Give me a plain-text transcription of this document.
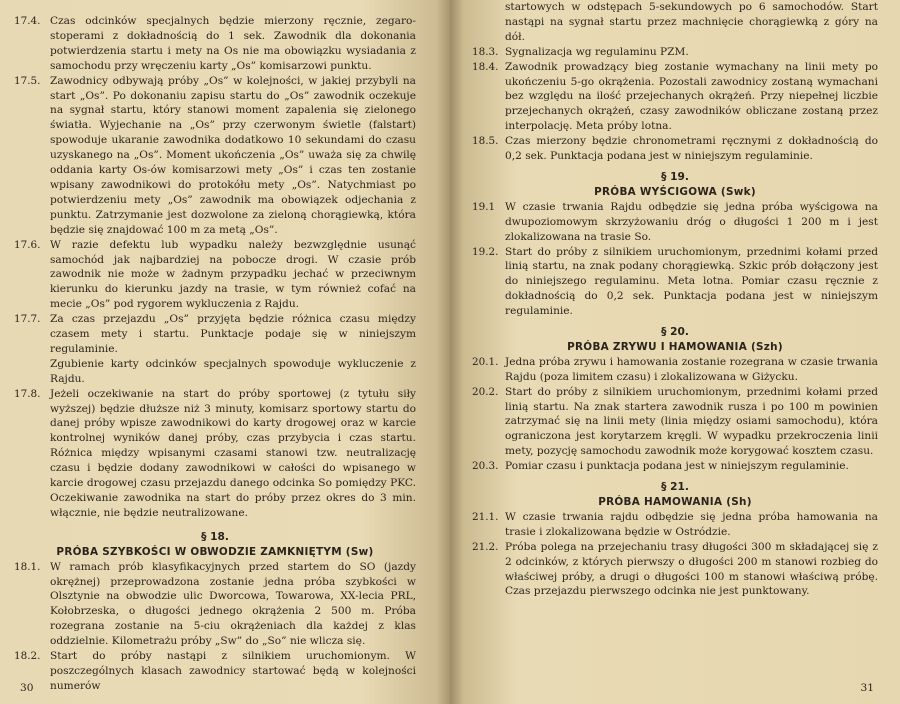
17.4. Czas odcinków specjalnych będzie mierzony ręcznie, zegaro-stoperami z dokładnością do 1 sek. Zawodnik dla dokonania potwierdzenia startu i mety na Os nie ma obowiązku wysiadania z samochodu przy wręczeniu karty „Os” komisarzowi punktu.
17.5. Zawodnicy odbywają próby „Os” w kolejności, w jakiej przybyli na start „Os”. Po dokonaniu zapisu startu do „Os” zawodnik oczekuje na sygnał startu, który stanowi moment zapalenia się zielonego światła. Wyjechanie na „Os” przy czerwonym świetle (falstart) spowoduje ukaranie zawodnika dodatkowo 10 sekundami do czasu uzyskanego na „Os”. Moment ukończenia „Os” uważa się za chwilę oddania karty Os-ów komisarzowi mety „Os” i czas ten zostanie wpisany zawodnikowi do protokółu mety „Os”. Natychmiast po potwierdzeniu mety „Os” zawodnik ma obowiązek odjechania z punktu. Zatrzymanie jest dozwolone za zieloną chorągiewką, która będzie się znajdować 100 m za metą „Os”.
17.6. W razie defektu lub wypadku należy bezwzględnie usunąć samochód jak najbardziej na pobocze drogi. W czasie prób zawodnik nie może w żadnym przypadku jechać w przeciwnym kierunku do kierunku jazdy na trasie, w tym również cofać na mecie „Os” pod rygorem wykluczenia z Rajdu.
17.7. Za czas przejazdu „Os” przyjęta będzie różnica czasu między czasem mety i startu. Punktacje podaje się w niniejszym regulaminie.
Zgubienie karty odcinków specjalnych spowoduje wykluczenie z Rajdu.
17.8. Jeżeli oczekiwanie na start do próby sportowej (z tytułu siły wyższej) będzie dłuższe niż 3 minuty, komisarz sportowy startu do danej próby wpisze zawodnikowi do karty drogowej oraz w karcie kontrolnej wyników danej próby, czas przybycia i czas startu. Różnica między wpisanymi czasami stanowi tzw. neutralizację czasu i będzie dodany zawodnikowi w całości do wpisanego w karcie drogowej czasu przejazdu danego odcinka So pomiędzy PKC. Oczekiwanie zawodnika na start do próby przez okres do 3 min. włącznie, nie będzie neutralizowane.
§ 18.
PRÓBA SZYBKOŚCI W OBWODZIE ZAMKNIĘTYM (Sw)
18.1. W ramach prób klasyfikacyjnych przed startem do SO (jazdy okrężnej) przeprowadzona zostanie jedna próba szybkości w Olsztynie na obwodzie ulic Dworcowa, Towarowa, XX-lecia PRL, Kołobrzeska, o długości jednego okrążenia 2 500 m. Próba rozegrana zostanie na 5-ciu okrążeniach dla każdej z klas oddzielnie. Kilometrażu próby „Sw” do „So” nie wlicza się.
18.2. Start do próby nastąpi z silnikiem uruchomionym. W poszczególnych klasach zawodnicy startować będą w kolejności numerów
30
startowych w odstępach 5-sekundowych po 6 samochodów. Start nastąpi na sygnał startu przez machnięcie chorągiewką z góry na dół.
18.3. Sygnalizacja wg regulaminu PZM.
18.4. Zawodnik prowadzący bieg zostanie wymachany na linii mety po ukończeniu 5-go okrążenia. Pozostali zawodnicy zostaną wymachani bez względu na ilość przejechanych okrążeń. Przy niepełnej liczbie przejechanych okrążeń, czasy zawodników obliczane zostaną przez interpolację. Meta próby lotna.
18.5. Czas mierzony będzie chronometrami ręcznymi z dokładnością do 0,2 sek. Punktacja podana jest w niniejszym regulaminie.
§ 19.
PRÓBA WYŚCIGOWA (Swk)
19.1 W czasie trwania Rajdu odbędzie się jedna próba wyścigowa na dwupoziomowym skrzyżowaniu dróg o długości 1 200 m i jest zlokalizowana na trasie So.
19.2. Start do próby z silnikiem uruchomionym, przednimi kołami przed linią startu, na znak podany chorągiewką. Szkic prób dołączony jest do niniejszego regulaminu. Meta lotna. Pomiar czasu ręcznie z dokładnością do 0,2 sek. Punktacja podana jest w niniejszym regulaminie.
§ 20.
PRÓBA ZRYWU I HAMOWANIA (Szh)
20.1. Jedna próba zrywu i hamowania zostanie rozegrana w czasie trwania Rajdu (poza limitem czasu) i zlokalizowana w Giżycku.
20.2. Start do próby z silnikiem uruchomionym, przednimi kołami przed linią startu. Na znak startera zawodnik rusza i po 100 m powinien zatrzymać się na linii mety (linia między osiami samochodu), która ograniczona jest korytarzem kręgli. W wypadku przekroczenia linii mety, pozycję samochodu zawodnik może korygować kosztem czasu.
20.3. Pomiar czasu i punktacja podana jest w niniejszym regulaminie.
§ 21.
PRÓBA HAMOWANIA (Sh)
21.1. W czasie trwania rajdu odbędzie się jedna próba hamowania na trasie i zlokalizowana będzie w Ostródzie.
21.2. Próba polega na przejechaniu trasy długości 300 m składającej się z 2 odcinków, z których pierwszy o długości 200 m stanowi rozbieg do właściwej próby, a drugi o długości 100 m stanowi właściwą próbę. Czas przejazdu pierwszego odcinka nie jest punktowany.
31
